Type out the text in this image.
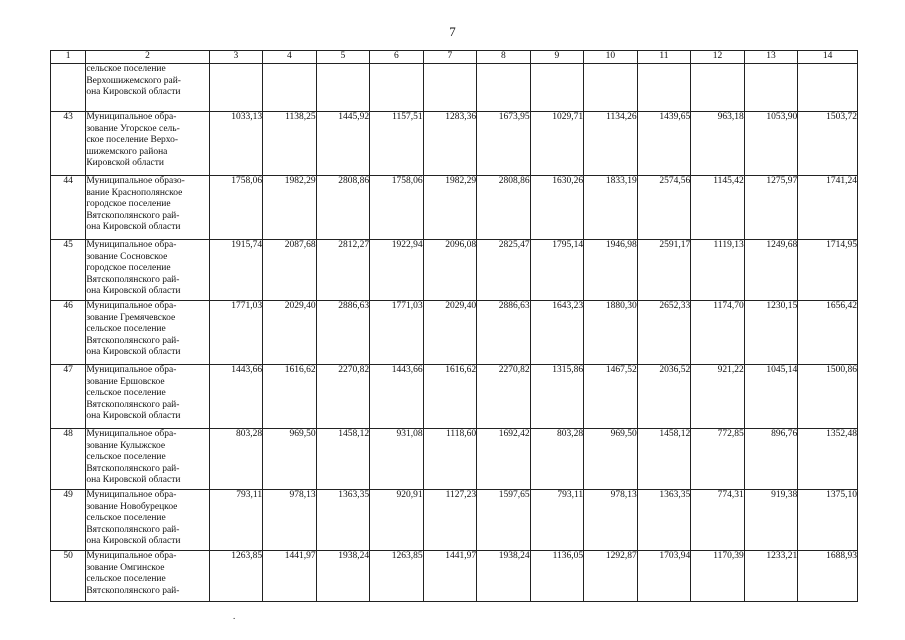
7
1	2	3	4	5	6	7	8	9	10	11	12	13	14

	сельское поселение
Верхошижемского рай-
она Кировской области												

43	Муниципальное обра-
зование Угорское сель-
ское поселение Верхо-
шижемского района
Кировской области	1033,13	1138,25	1445,92	1157,51	1283,36	1673,95	1029,71	1134,26	1439,65	963,18	1053,90	1503,72
44	Муниципальное образо-
вание Краснополянское
городское поселение
Вятскополянского рай-
она Кировской области	1758,06	1982,29	2808,86	1758,06	1982,29	2808,86	1630,26	1833,19	2574,56	1145,42	1275,97	1741,24
45	Муниципальное обра-
зование Сосновское
городское поселение
Вятскополянского рай-
она Кировской области	1915,74	2087,68	2812,27	1922,94	2096,08	2825,47	1795,14	1946,98	2591,17	1119,13	1249,68	1714,95
46	Муниципальное обра-
зование Гремячевское
сельское поселение
Вятскополянского рай-
она Кировской области	1771,03	2029,40	2886,63	1771,03	2029,40	2886,63	1643,23	1880,30	2652,33	1174,70	1230,15	1656,42
47	Муниципальное обра-
зование Ершовское
сельское поселение
Вятскополянского рай-
она Кировской области	1443,66	1616,62	2270,82	1443,66	1616,62	2270,82	1315,86	1467,52	2036,52	921,22	1045,14	1500,86
48	Муниципальное обра-
зование Кулыжское
сельское поселение
Вятскополянского рай-
она Кировской области	803,28	969,50	1458,12	931,08	1118,60	1692,42	803,28	969,50	1458,12	772,85	896,76	1352,48
49	Муниципальное обра-
зование Новобурецкое
сельское поселение
Вятскополянского рай-
она Кировской области	793,11	978,13	1363,35	920,91	1127,23	1597,65	793,11	978,13	1363,35	774,31	919,38	1375,10
50	Муниципальное обра-
зование Омгинское
сельское поселение
Вятскополянского рай-	1263,85	1441,97	1938,24	1263,85	1441,97	1938,24	1136,05	1292,87	1703,94	1170,39	1233,21	1688,93
.
